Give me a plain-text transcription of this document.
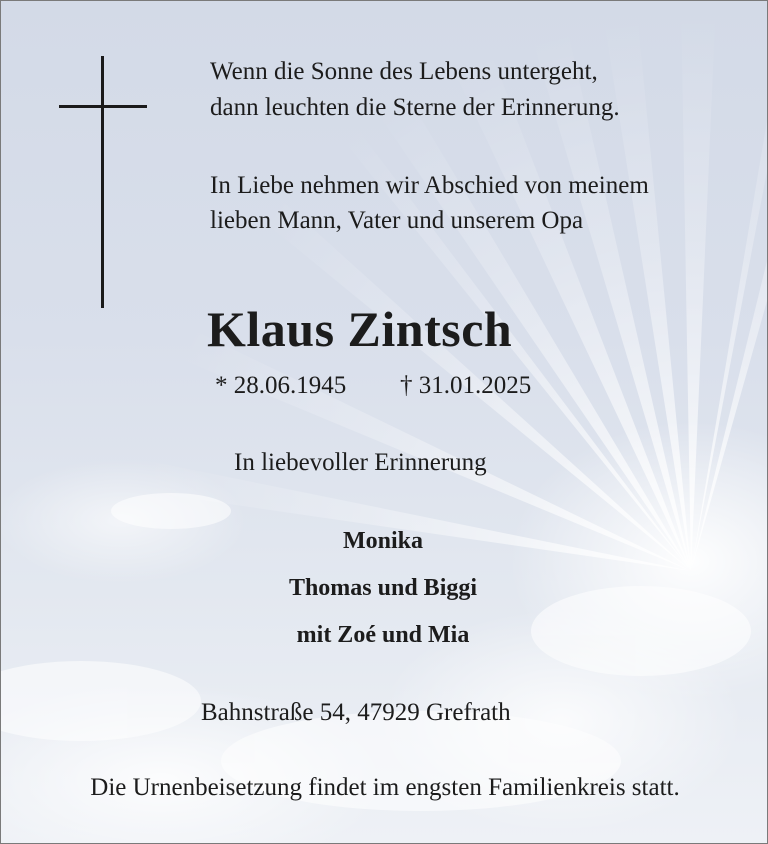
Wenn die Sonne des Lebens untergeht,
dann leuchten die Sterne der Erinnerung.
In Liebe nehmen wir Abschied von meinem
lieben Mann, Vater und unserem Opa
Klaus Zintsch
* 28.06.1945 † 31.01.2025
In liebevoller Erinnerung
Monika
Thomas und Biggi
mit Zoé und Mia
Bahnstraße 54, 47929 Grefrath
Die Urnenbeisetzung findet im engsten Familienkreis statt.
